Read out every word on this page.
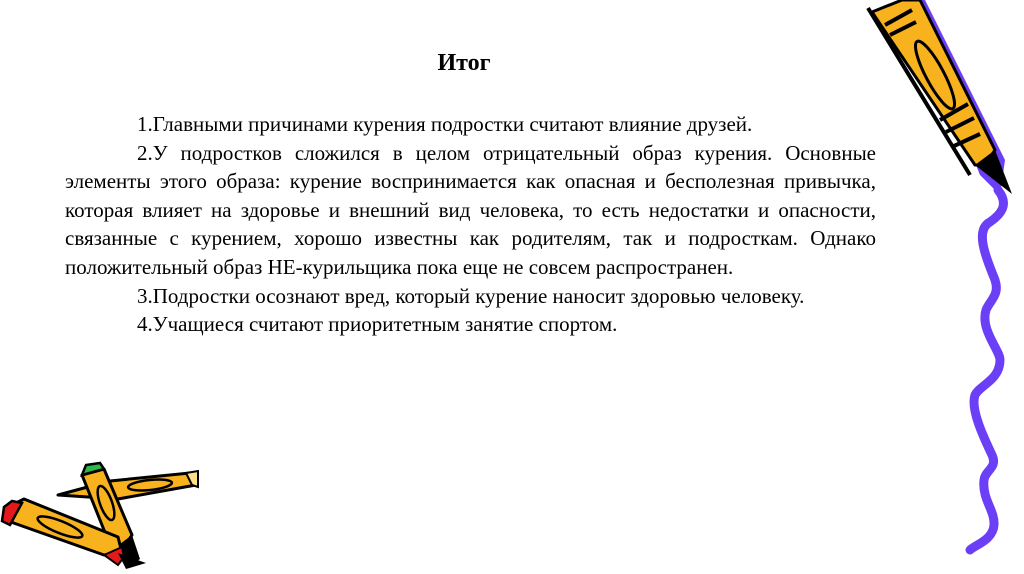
Итог

1.Главными причинами курения подростки считают влияние друзей.

2.У подростков сложился в целом отрицательный образ курения. Основные элементы этого образа: курение воспринимается как опасная и бесполезная привычка, которая влияет на здоровье и внешний вид человека, то есть недостатки и опасности, связанные с курением, хорошо известны как родителям, так и подросткам. Однако положительный образ НЕ-курильщика пока еще не совсем распространен.

3.Подростки осознают вред, который курение наносит здоровью человеку.

4.Учащиеся считают приоритетным занятие спортом.
